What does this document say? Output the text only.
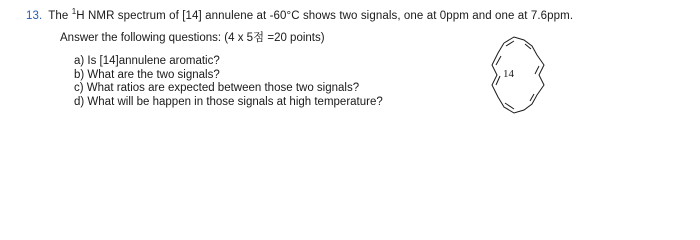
13. The $^1$H NMR spectrum of [14] annulene at -60°C shows two signals, one at 0ppm and one at 7.6ppm.
Answer the following questions: (4 x 5점 =20 points)
a) Is [14]annulene aromatic?
b) What are the two signals?
c) What ratios are expected between those two signals?
d) What will be happen in those signals at high temperature?
14
